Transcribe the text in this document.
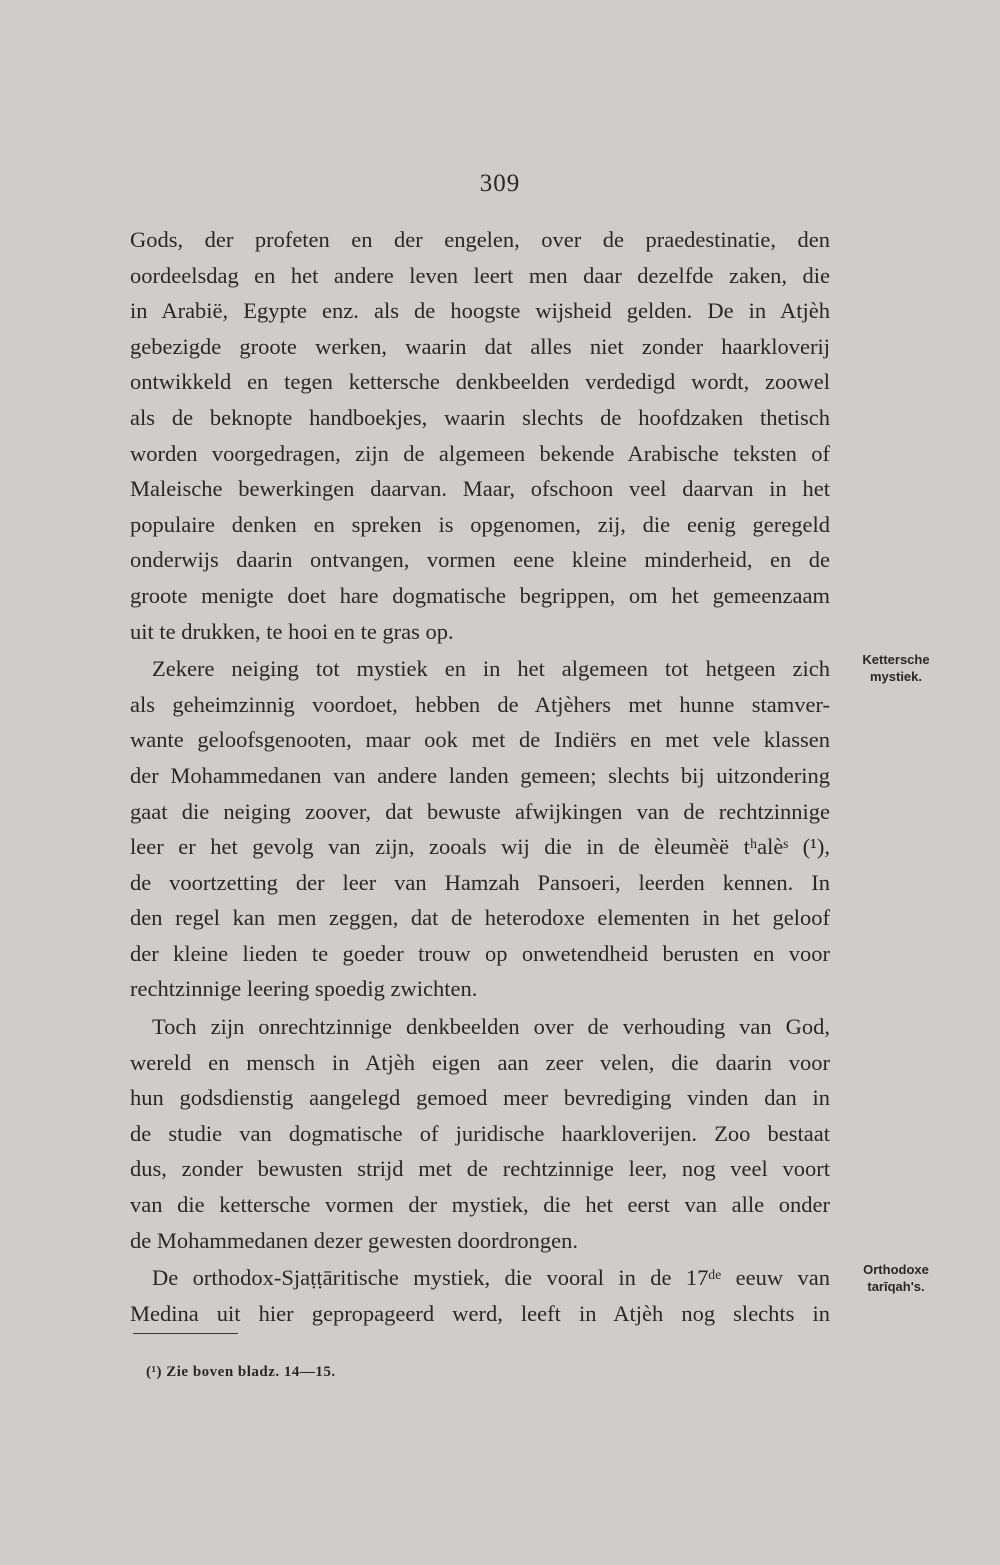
309
Gods, der profeten en der engelen, over de praedestinatie, den
oordeelsdag en het andere leven leert men daar dezelfde zaken, die
in Arabië, Egypte enz. als de hoogste wijsheid gelden. De in Atjèh
gebezigde groote werken, waarin dat alles niet zonder haarkloverij
ontwikkeld en tegen kettersche denkbeelden verdedigd wordt, zoowel
als de beknopte handboekjes, waarin slechts de hoofdzaken thetisch
worden voorgedragen, zijn de algemeen bekende Arabische teksten of
Maleische bewerkingen daarvan. Maar, ofschoon veel daarvan in het
populaire denken en spreken is opgenomen, zij, die eenig geregeld
onderwijs daarin ontvangen, vormen eene kleine minderheid, en de
groote menigte doet hare dogmatische begrippen, om het gemeenzaam
uit te drukken, te hooi en te gras op.
Zekere neiging tot mystiek en in het algemeen tot hetgeen zich
als geheimzinnig voordoet, hebben de Atjèhers met hunne stamver-
wante geloofsgenooten, maar ook met de Indiërs en met vele klassen
der Mohammedanen van andere landen gemeen; slechts bij uitzondering
gaat die neiging zoover, dat bewuste afwijkingen van de rechtzinnige
leer er het gevolg van zijn, zooals wij die in de èleumèë tʰalèˢ (¹),
de voortzetting der leer van Hamzah Pansoeri, leerden kennen. In
den regel kan men zeggen, dat de heterodoxe elementen in het geloof
der kleine lieden te goeder trouw op onwetendheid berusten en voor
rechtzinnige leering spoedig zwichten.
Toch zijn onrechtzinnige denkbeelden over de verhouding van God,
wereld en mensch in Atjèh eigen aan zeer velen, die daarin voor
hun godsdienstig aangelegd gemoed meer bevrediging vinden dan in
de studie van dogmatische of juridische haarkloverijen. Zoo bestaat
dus, zonder bewusten strijd met de rechtzinnige leer, nog veel voort
van die kettersche vormen der mystiek, die het eerst van alle onder
de Mohammedanen dezer gewesten doordrongen.
De orthodox-Sjaṭṭāritische mystiek, die vooral in de 17ᵈᵉ eeuw van
Medina uit hier gepropageerd werd, leeft in Atjèh nog slechts in
Kettersche
mystiek.
Orthodoxe
tarīqah's.
(¹) Zie boven bladz. 14—15.
